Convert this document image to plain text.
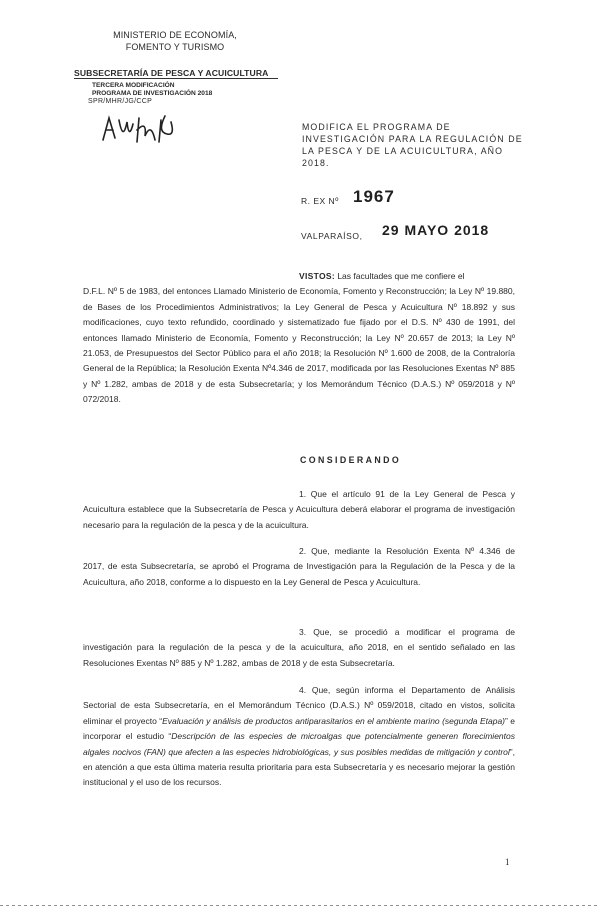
MINISTERIO DE ECONOMÍA,
FOMENTO Y TURISMO
SUBSECRETARÍA DE PESCA Y ACUICULTURA
TERCERA MODIFICACIÓN
PROGRAMA DE INVESTIGACIÓN 2018
SPR/MHR/JG/CCP
MODIFICA EL PROGRAMA DE INVESTIGACIÓN PARA LA REGULACIÓN DE LA PESCA Y DE LA ACUICULTURA, AÑO 2018.
R. EX Nº 1967
VALPARAÍSO, 29 MAYO 2018
VISTOS: Las facultades que me confiere el
D.F.L. Nº 5 de 1983, del entonces Llamado Ministerio de Economía, Fomento y Reconstrucción; la Ley Nº 19.880, de Bases de los Procedimientos Administrativos; la Ley General de Pesca y Acuicultura Nº 18.892 y sus modificaciones, cuyo texto refundido, coordinado y sistematizado fue fijado por el D.S. Nº 430 de 1991, del entonces llamado Ministerio de Economía, Fomento y Reconstrucción; la Ley Nº 20.657 de 2013; la Ley Nº 21.053, de Presupuestos del Sector Público para el año 2018; la Resolución Nº 1.600 de 2008, de la Contraloría General de la República; la Resolución Exenta Nº4.346 de 2017, modificada por las Resoluciones Exentas Nº 885 y Nº 1.282, ambas de 2018 y de esta Subsecretaría; y los Memorándum Técnico (D.A.S.) Nº 059/2018 y Nº 072/2018.
CONSIDERANDO
1. Que el artículo 91 de la Ley General de Pesca y Acuicultura establece que la Subsecretaría de Pesca y Acuicultura deberá elaborar el programa de investigación necesario para la regulación de la pesca y de la acuicultura.
2. Que, mediante la Resolución Exenta Nº 4.346 de 2017, de esta Subsecretaría, se aprobó el Programa de Investigación para la Regulación de la Pesca y de la Acuicultura, año 2018, conforme a lo dispuesto en la Ley General de Pesca y Acuicultura.
3. Que, se procedió a modificar el programa de investigación para la regulación de la pesca y de la acuicultura, año 2018, en el sentido señalado en las Resoluciones Exentas Nº 885 y Nº 1.282, ambas de 2018 y de esta Subsecretaría.
4. Que, según informa el Departamento de Análisis Sectorial de esta Subsecretaría, en el Memorándum Técnico (D.A.S.) Nº 059/2018, citado en vistos, solicita eliminar el proyecto “Evaluación y análisis de productos antiparasitarios en el ambiente marino (segunda Etapa)” e incorporar el estudio “Descripción de las especies de microalgas que potencialmente generen florecimientos algales nocivos (FAN) que afecten a las especies hidrobiológicas, y sus posibles medidas de mitigación y control”, en atención a que esta última materia resulta prioritaria para esta Subsecretaría y es necesario mejorar la gestión institucional y el uso de los recursos.
1
